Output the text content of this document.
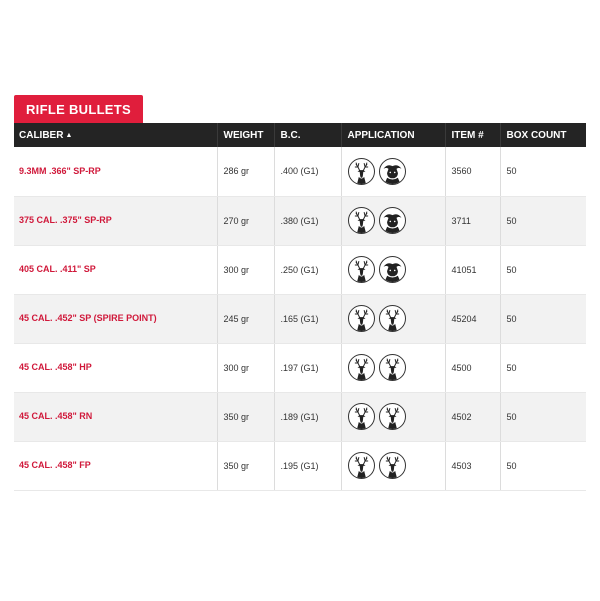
RIFLE BULLETS
CALIBER ▲	WEIGHT	B.C.	APPLICATION	ITEM #	BOX COUNT
9.3MM .366" SP-RP	286 gr	.400 (G1)		3560	50
375 CAL. .375" SP-RP	270 gr	.380 (G1)		3711	50
405 CAL. .411" SP	300 gr	.250 (G1)		41051	50
45 CAL. .452" SP (SPIRE POINT)	245 gr	.165 (G1)		45204	50
45 CAL. .458" HP	300 gr	.197 (G1)		4500	50
45 CAL. .458" RN	350 gr	.189 (G1)		4502	50
45 CAL. .458" FP	350 gr	.195 (G1)		4503	50
